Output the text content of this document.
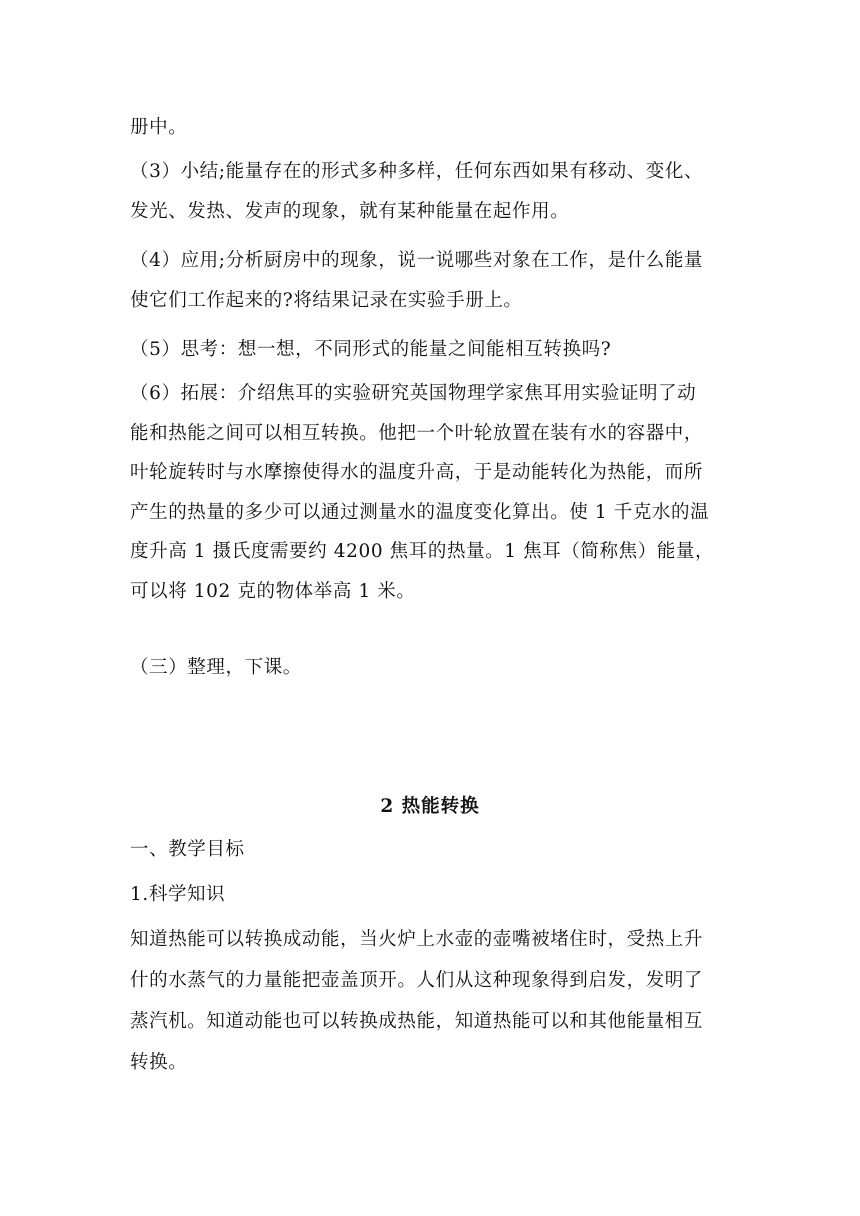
册中。

（3）小结;能量存在的形式多种多样，任何东西如果有移动、变化、
发光、发热、发声的现象，就有某种能量在起作用。

（4）应用;分析厨房中的现象，说一说哪些对象在工作，是什么能量
使它们工作起来的?将结果记录在实验手册上。

（5）思考：想一想，不同形式的能量之间能相互转换吗?

（6）拓展：介绍焦耳的实验研究英国物理学家焦耳用实验证明了动
能和热能之间可以相互转换。他把一个叶轮放置在装有水的容器中，
叶轮旋转时与水摩擦使得水的温度升高，于是动能转化为热能，而所
产生的热量的多少可以通过测量水的温度变化算出。使 1 千克水的温
度升高 1 摄氏度需要约 4200 焦耳的热量。1 焦耳（简称焦）能量，
可以将 102 克的物体举高 1 米。

（三）整理，下课。

2 热能转换

一、教学目标

1.科学知识

知道热能可以转换成动能，当火炉上水壶的壶嘴被堵住时，受热上升
什的水蒸气的力量能把壶盖顶开。人们从这种现象得到启发，发明了
蒸汽机。知道动能也可以转换成热能，知道热能可以和其他能量相互
转换。
